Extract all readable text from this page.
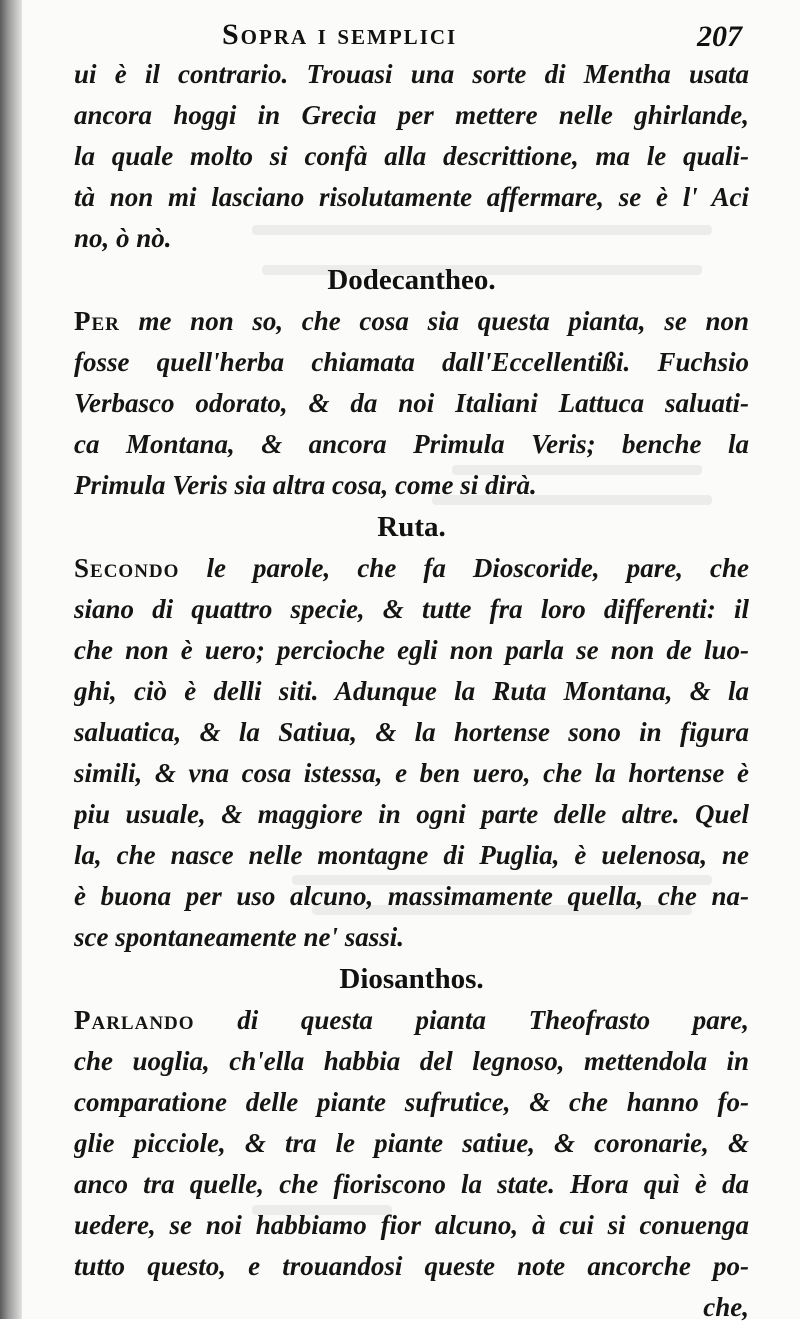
Sopra i semplici	207
ui è il contrario. Trouasi una sorte di Mentha usata
ancora hoggi in Grecia per mettere nelle ghirlande,
la quale molto si confà alla descrittione, ma le quali-
tà non mi lasciano risolutamente affermare, se è l' Aci
no, ò nò.
Dodecantheo.
Per me non so, che cosa sia questa pianta, se non
fosse quell'herba chiamata dall'Eccellentißi. Fuchsio
Verbasco odorato, & da noi Italiani Lattuca saluati-
ca Montana, & ancora Primula Veris; benche la
Primula Veris sia altra cosa, come si dirà.
Ruta.
Secondo le parole, che fa Dioscoride, pare, che
siano di quattro specie, & tutte fra loro differenti: il
che non è uero; percioche egli non parla se non de luo-
ghi, ciò è delli siti. Adunque la Ruta Montana, & la
saluatica, & la Satiua, & la hortense sono in figura
simili, & vna cosa istessa, e ben uero, che la hortense è
piu usuale, & maggiore in ogni parte delle altre. Quel
la, che nasce nelle montagne di Puglia, è uelenosa, ne
è buona per uso alcuno, massimamente quella, che na-
sce spontaneamente ne' sassi.
Diosanthos.
Parlando di questa pianta Theofrasto pare,
che uoglia, ch'ella habbia del legnoso, mettendola in
comparatione delle piante sufrutice, & che hanno fo-
glie picciole, & tra le piante satiue, & coronarie, &
anco tra quelle, che fioriscono la state. Hora quì è da
uedere, se noi habbiamo fior alcuno, à cui si conuenga
tutto questo, e trouandosi queste note ancorche po-
che,
